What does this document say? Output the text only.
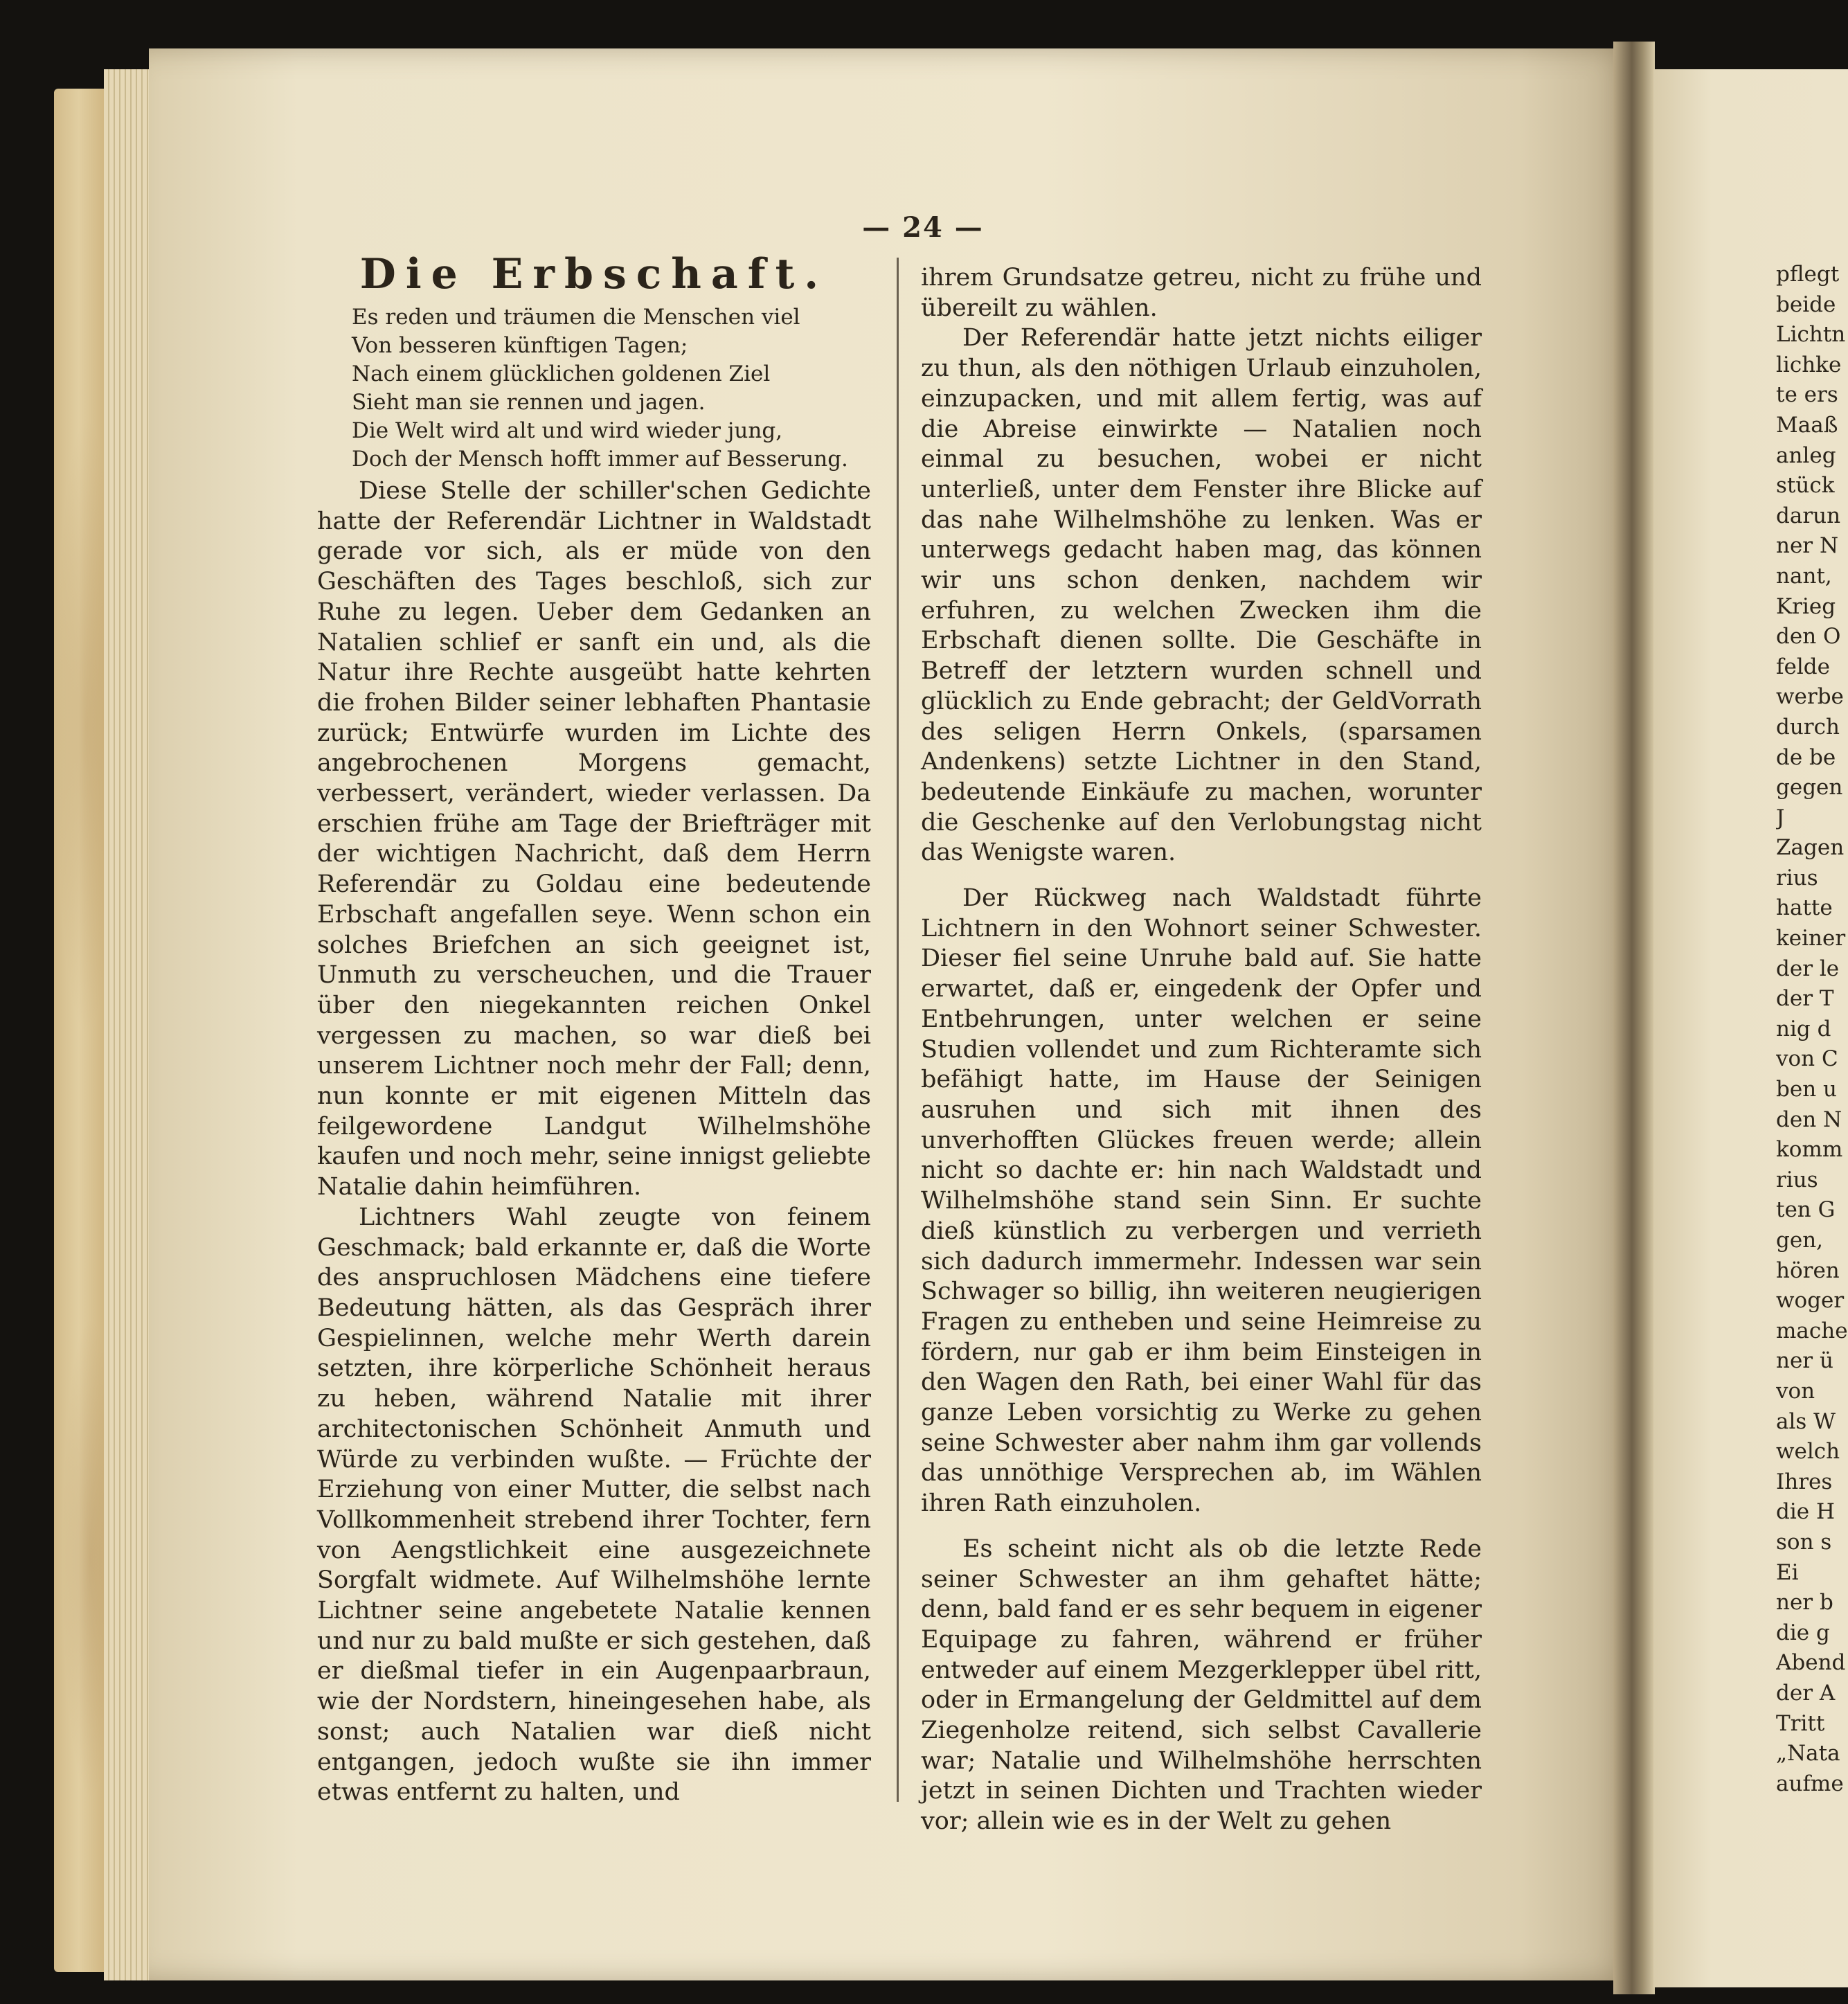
— 24 —
Die Erbschaft.
Es reden und träumen die Menschen viel
Von besseren künftigen Tagen;
Nach einem glücklichen goldenen Ziel
Sieht man sie rennen und jagen.
Die Welt wird alt und wird wieder jung,
Doch der Mensch hofft immer auf Besserung.

Diese Stelle der schiller'schen Gedichte hatte der Referendär Lichtner in Waldstadt gerade vor sich, als er müde von den Geschäften des Tages beschloß, sich zur Ruhe zu legen. Ueber dem Gedanken an Natalien schlief er sanft ein und, als die Natur ihre Rechte ausgeübt hatte kehrten die frohen Bilder seiner lebhaften Phantasie zurück; Entwürfe wurden im Lichte des angebrochenen Morgens gemacht, verbessert, verändert, wieder verlassen. Da erschien frühe am Tage der Briefträger mit der wichtigen Nachricht, daß dem Herrn Referendär zu Goldau eine bedeutende Erbschaft angefallen seye. Wenn schon ein solches Briefchen an sich geeignet ist, Unmuth zu verscheuchen, und die Trauer über den niegekannten reichen Onkel vergessen zu machen, so war dieß bei unserem Lichtner noch mehr der Fall; denn, nun konnte er mit eigenen Mitteln das feilgewordene Landgut Wilhelmshöhe kaufen und noch mehr, seine innigst geliebte Natalie dahin heimführen.

Lichtners Wahl zeugte von feinem Geschmack; bald erkannte er, daß die Worte des anspruchlosen Mädchens eine tiefere Bedeutung hätten, als das Gespräch ihrer Gespielinnen, welche mehr Werth darein setzten, ihre körperliche Schönheit heraus zu heben, während Natalie mit ihrer architectonischen Schönheit Anmuth und Würde zu verbinden wußte. — Früchte der Erziehung von einer Mutter, die selbst nach Vollkommenheit strebend ihrer Tochter, fern von Aengstlichkeit eine ausgezeichnete Sorgfalt widmete. Auf Wilhelmshöhe lernte Lichtner seine angebetete Natalie kennen und nur zu bald mußte er sich gestehen, daß er dießmal tiefer in ein Augenpaarbraun, wie der Nordstern, hineingesehen habe, als sonst; auch Natalien war dieß nicht entgangen, jedoch wußte sie ihn immer etwas entfernt zu halten, und

ihrem Grundsatze getreu, nicht zu frühe und übereilt zu wählen.

Der Referendär hatte jetzt nichts eiliger zu thun, als den nöthigen Urlaub einzuholen, einzupacken, und mit allem fertig, was auf die Abreise einwirkte — Natalien noch einmal zu besuchen, wobei er nicht unterließ, unter dem Fenster ihre Blicke auf das nahe Wilhelmshöhe zu lenken. Was er unterwegs gedacht haben mag, das können wir uns schon denken, nachdem wir erfuhren, zu welchen Zwecken ihm die Erbschaft dienen sollte. Die Geschäfte in Betreff der letztern wurden schnell und glücklich zu Ende gebracht; der GeldVorrath des seligen Herrn Onkels, (sparsamen Andenkens) setzte Lichtner in den Stand, bedeutende Einkäufe zu machen, worunter die Geschenke auf den Verlobungstag nicht das Wenigste waren.

Der Rückweg nach Waldstadt führte Lichtnern in den Wohnort seiner Schwester. Dieser fiel seine Unruhe bald auf. Sie hatte erwartet, daß er, eingedenk der Opfer und Entbehrungen, unter welchen er seine Studien vollendet und zum Richteramte sich befähigt hatte, im Hause der Seinigen ausruhen und sich mit ihnen des unverhofften Glückes freuen werde; allein nicht so dachte er: hin nach Waldstadt und Wilhelmshöhe stand sein Sinn. Er suchte dieß künstlich zu verbergen und verrieth sich dadurch immermehr. Indessen war sein Schwager so billig, ihn weiteren neugierigen Fragen zu entheben und seine Heimreise zu fördern, nur gab er ihm beim Einsteigen in den Wagen den Rath, bei einer Wahl für das ganze Leben vorsichtig zu Werke zu gehen seine Schwester aber nahm ihm gar vollends das unnöthige Versprechen ab, im Wählen ihren Rath einzuholen.

Es scheint nicht als ob die letzte Rede seiner Schwester an ihm gehaftet hätte; denn, bald fand er es sehr bequem in eigener Equipage zu fahren, während er früher entweder auf einem Mezgerklepper übel ritt, oder in Ermangelung der Geldmittel auf dem Ziegenholze reitend, sich selbst Cavallerie war; Natalie und Wilhelmshöhe herrschten jetzt in seinen Dichten und Trachten wieder vor; allein wie es in der Welt zu gehen

pflegt
beide
Lichtn
lichke
te ers
Maaß
anleg
stück
darun
ner N
nant,
Krieg
den O
felde
werbe
durch
de be
gegen
J
Zagen
rius
hatte
keiner
der le
der T
nig d
von C
ben u
den N
komm
rius
ten G
gen,
hören
woger
mache
ner ü
von
als W
welch
Ihres
die H
son s
Ei
ner b
die g
Abend
der A
Tritt
„Nata
aufme
